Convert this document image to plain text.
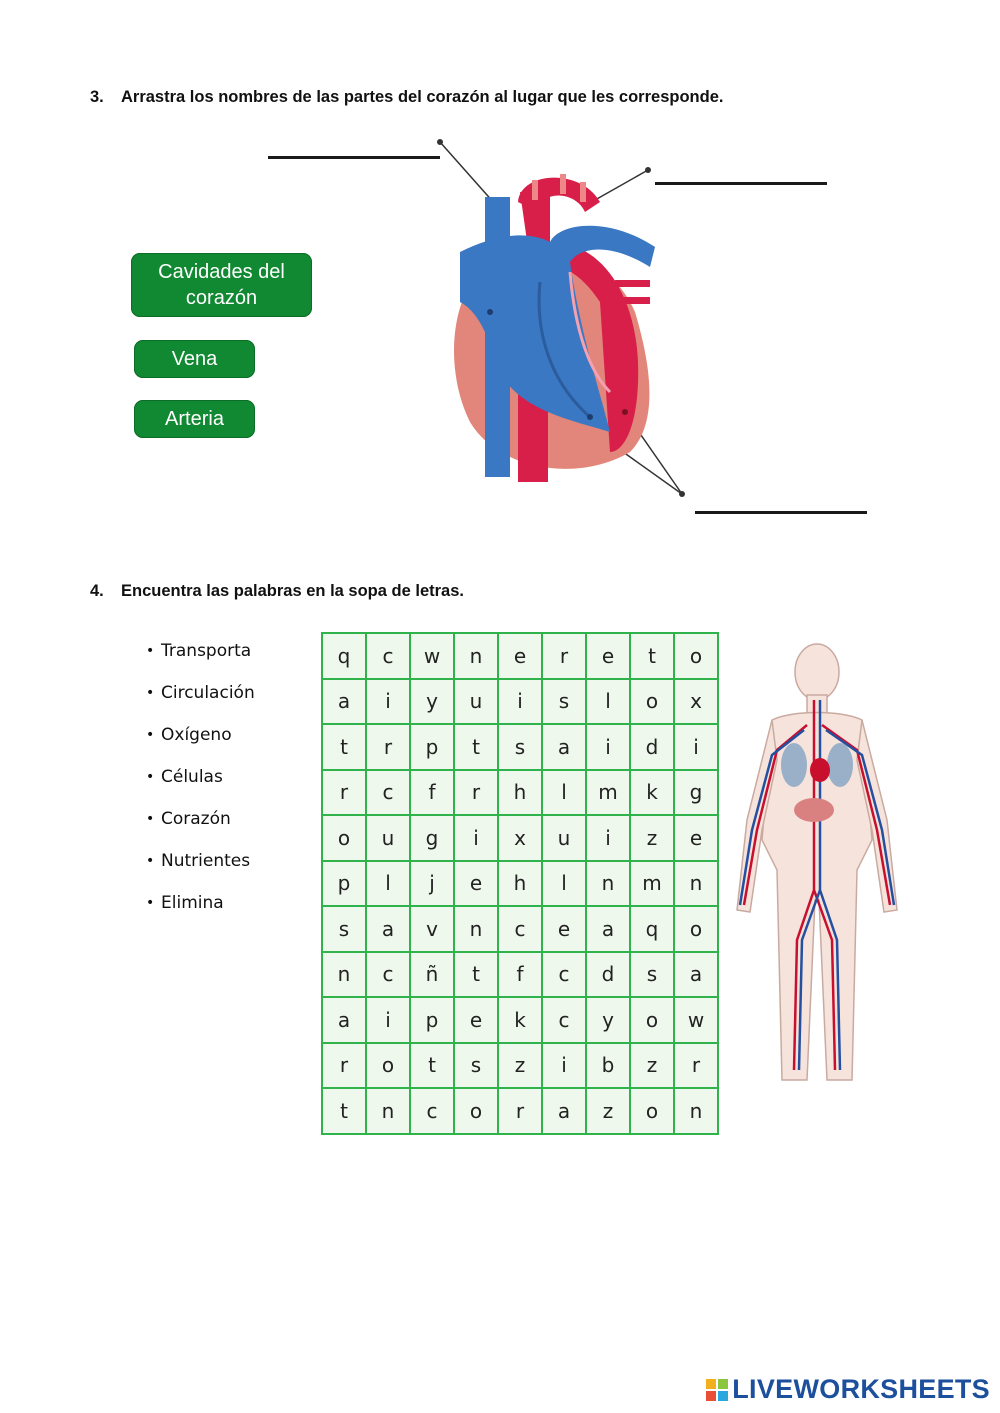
3. Arrastra los nombres de las partes del corazón al lugar que les corresponde.
Cavidades del corazón
Vena
Arteria
4. Encuentra las palabras en la sopa de letras.
• Transporta
• Circulación
• Oxígeno
• Células
• Corazón
• Nutrientes
• Elimina
q	c	w	n	e	r	e	t	o
a	i	y	u	i	s	l	o	x
t	r	p	t	s	a	i	d	i
r	c	f	r	h	l	m	k	g
o	u	g	i	x	u	i	z	e
p	l	j	e	h	l	n	m	n
s	a	v	n	c	e	a	q	o
n	c	ñ	t	f	c	d	s	a
a	i	p	e	k	c	y	o	w
r	o	t	s	z	i	b	z	r
t	n	c	o	r	a	z	o	n
LIVEWORKSHEETS
